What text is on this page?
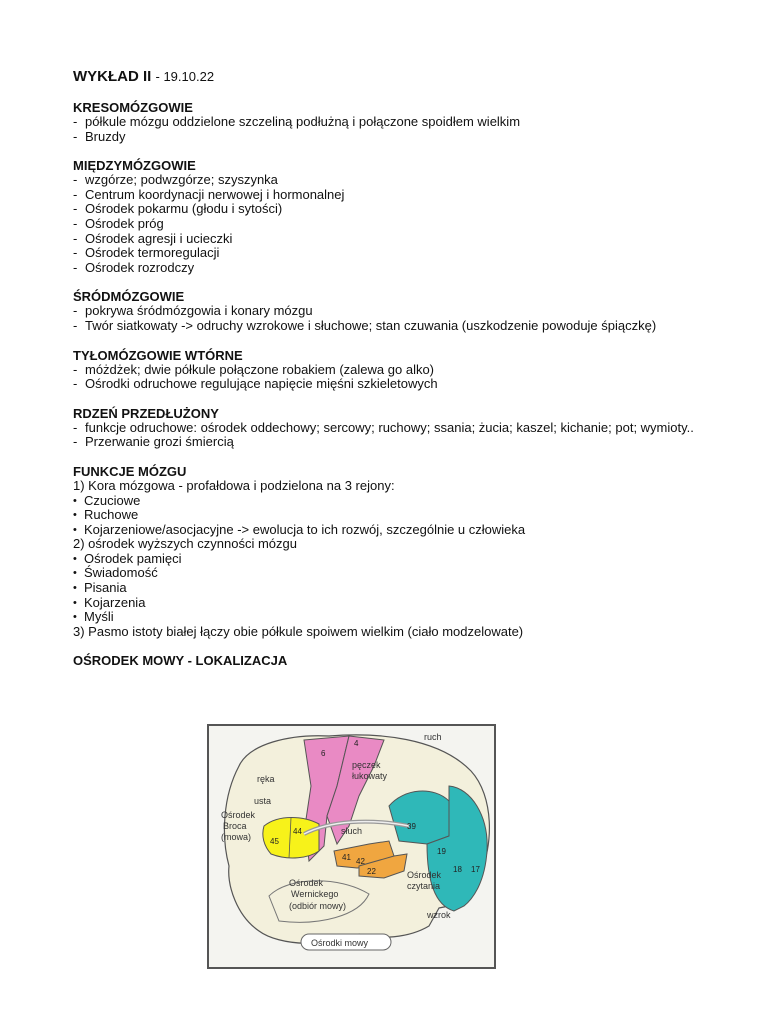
WYKŁAD II - 19.10.22

KRESOMÓZGOWIE

- półkule mózgu oddzielone szczeliną podłużną i połączone spoidłem wielkim
- Bruzdy

MIĘDZYMÓZGOWIE

- wzgórze; podwzgórze; szyszynka
- Centrum koordynacji nerwowej i hormonalnej
- Ośrodek pokarmu (głodu i sytości)
- Ośrodek próg
- Ośrodek agresji i ucieczki
- Ośrodek termoregulacji
- Ośrodek rozrodczy

ŚRÓDMÓZGOWIE

- pokrywa śródmózgowia i konary mózgu
- Twór siatkowaty -> odruchy wzrokowe i słuchowe; stan czuwania (uszkodzenie powoduje śpiączkę)

TYŁOMÓZGOWIE WTÓRNE

- móżdżek; dwie półkule połączone robakiem (zalewa go alko)
- Ośrodki odruchowe regulujące napięcie mięśni szkieletowych

RDZEŃ PRZEDŁUŻONY

- funkcje odruchowe: ośrodek oddechowy; sercowy; ruchowy; ssania; żucia; kaszel; kichanie; pot; wymioty..
- Przerwanie grozi śmiercią

FUNKCJE MÓZGU

1) Kora mózgowa - profałdowa i podzielona na 3 rejony:
• Czuciowe
• Ruchowe
• Kojarzeniowe/asocjacyjne -> ewolucja to ich rozwój, szczególnie u człowieka
2) ośrodek wyższych czynności mózgu
• Ośrodek pamięci
• Świadomość
• Pisania
• Kojarzenia
• Myśli
3) Pasmo istoty białej łączy obie półkule spoiwem wielkim (ciało modzelowate)

OŚRODEK MOWY - LOKALIZACJA

6
4
44
45
39
41 42
22
19
18 17
ruch
ręka
usta
Ośrodek
Broca
(mowa)
pęczek
łukowaty
słuch
Ośrodek
Wernickego
(odbiór mowy)
Ośrodek
czytania
wzrok
Ośrodki mowy
